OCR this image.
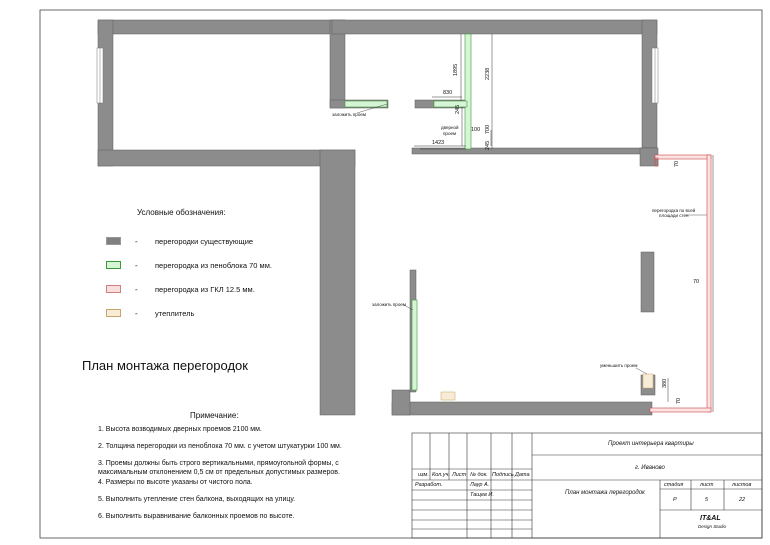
1895	2238
830
245
700
100
1423	245
70
70
380
70
заложить проем
заложить проем
дверной проем
перегородка по всей площади стен
уменьшить проем
Условные обозначения:
-	перегородки существующие
-	перегородка из пеноблока 70 мм.
-	перегородка из ГКЛ 12.5 мм.
-	утеплитель
План монтажа перегородок
Примечание:
1. Высота возводимых дверных проемов 2100 мм.
2. Толщина перегородки из пеноблока 70 мм. с учетом штукатурки 100 мм.
3. Проемы должны быть строго вертикальными, прямоугольной формы, с максимальным отклонением 0,5 см от предельных допустимых размеров.
4. Размеры по высоте указаны от чистого пола.
5. Выполнить утепление стен балкона, выходящих на улицу.
6. Выполнить выравнивание балконных проемов по высоте.
изм. Кол.уч. Лист № док. Подпись Дата
Разработ.	Лаур А.
Тащев И.
Проект интерьера квартиры
г. Иваново
План монтажа перегородок
стадия	лист	листов
Р	5	22
IT&AL
Design Studio
